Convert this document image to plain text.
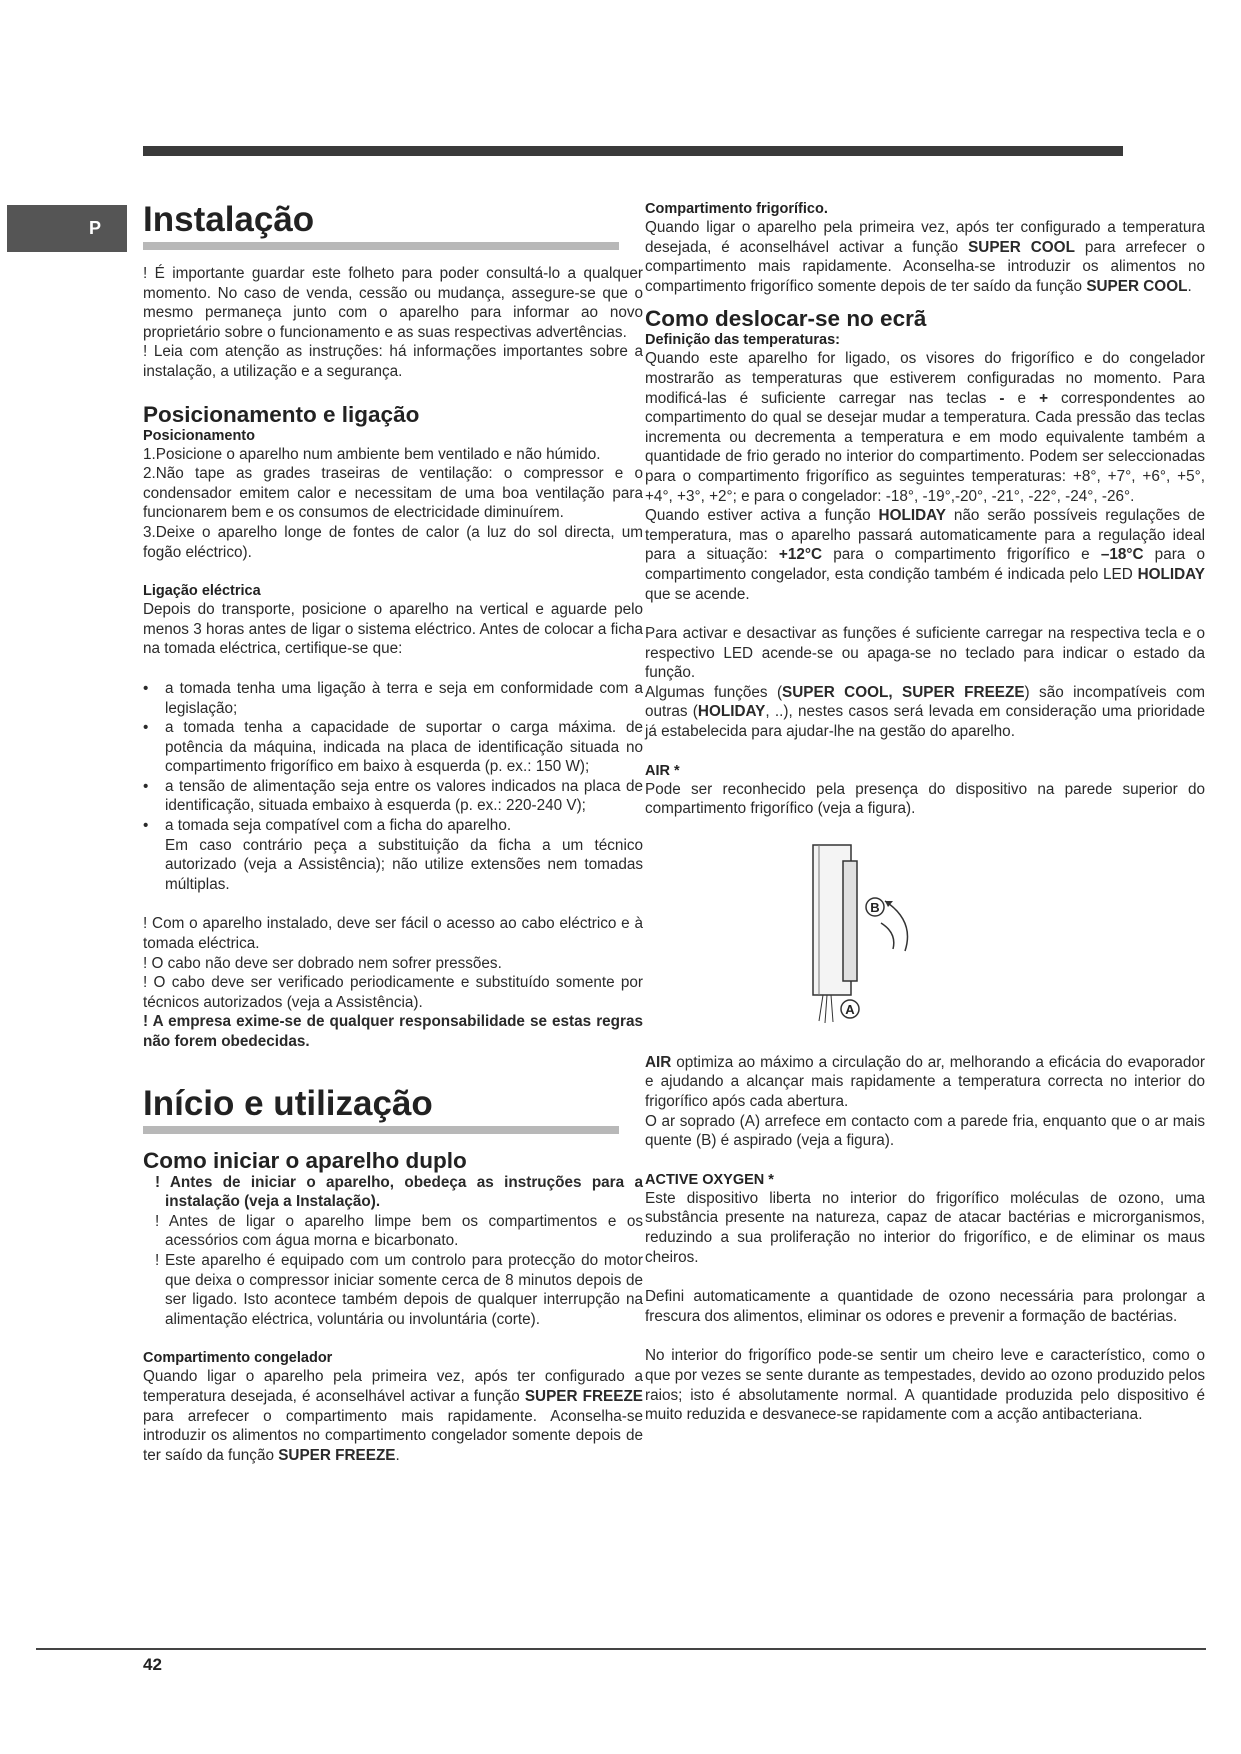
P Instalação

! É importante guardar este folheto para poder consultá-lo a qualquer momento. No caso de venda, cessão ou mudança, assegure-se que o mesmo permaneça junto com o aparelho para informar ao novo proprietário sobre o funcionamento e as suas respectivas advertências.

! Leia com atenção as instruções: há informações importantes sobre a instalação, a utilização e a segurança.

Posicionamento e ligação
Posicionamento

1.Posicione o aparelho num ambiente bem ventilado e não húmido.

2.Não tape as grades traseiras de ventilação: o compressor e o condensador emitem calor e necessitam de uma boa ventilação para funcionarem bem e os consumos de electricidade diminuírem.

3.Deixe o aparelho longe de fontes de calor (a luz do sol directa, um fogão eléctrico).

Ligação eléctrica

Depois do transporte, posicione o aparelho na vertical e aguarde pelo menos 3 horas antes de ligar o sistema eléctrico. Antes de colocar a ficha na tomada eléctrica, certifique-se que:

• a tomada tenha uma ligação à terra e seja em conformidade com a legislação;
• a tomada tenha a capacidade de suportar o carga máxima. de potência da máquina, indicada na placa de identificação situada no compartimento frigorífico em baixo à esquerda (p. ex.: 150 W);
• a tensão de alimentação seja entre os valores indicados na placa de identificação, situada embaixo à esquerda (p. ex.: 220-240 V);
• a tomada seja compatível com a ficha do aparelho.

Em caso contrário peça a substituição da ficha a um técnico autorizado (veja a Assistência); não utilize extensões nem tomadas múltiplas.

! Com o aparelho instalado, deve ser fácil o acesso ao cabo eléctrico e à tomada eléctrica.

! O cabo não deve ser dobrado nem sofrer pressões.

! O cabo deve ser verificado periodicamente e substituído somente por técnicos autorizados (veja a Assistência).

! A empresa exime-se de qualquer responsabilidade se estas regras não forem obedecidas.

Início e utilização
Como iniciar o aparelho duplo

! Antes de iniciar o aparelho, obedeça as instruções para a instalação (veja a Instalação).

! Antes de ligar o aparelho limpe bem os compartimentos e os acessórios com água morna e bicarbonato.

! Este aparelho é equipado com um controlo para protecção do motor que deixa o compressor iniciar somente cerca de 8 minutos depois de ser ligado. Isto acontece também depois de qualquer interrupção na alimentação eléctrica, voluntária ou involuntária (corte).

Compartimento congelador

Quando ligar o aparelho pela primeira vez, após ter configurado a temperatura desejada, é aconselhável activar a função SUPER FREEZE para arrefecer o compartimento mais rapidamente. Aconselha-se introduzir os alimentos no compartimento congelador somente depois de ter saído da função SUPER FREEZE.

Compartimento frigorífico.

Quando ligar o aparelho pela primeira vez, após ter configurado a temperatura desejada, é aconselhável activar a função SUPER COOL para arrefecer o compartimento mais rapidamente. Aconselha-se introduzir os alimentos no compartimento frigorífico somente depois de ter saído da função SUPER COOL.

Como deslocar-se no ecrã
Definição das temperaturas:

Quando este aparelho for ligado, os visores do frigorífico e do congelador mostrarão as temperaturas que estiverem configuradas no momento. Para modificá-las é suficiente carregar nas teclas - e + correspondentes ao compartimento do qual se desejar mudar a temperatura. Cada pressão das teclas incrementa ou decrementa a temperatura e em modo equivalente também a quantidade de frio gerado no interior do compartimento. Podem ser seleccionadas para o compartimento frigorífico as seguintes temperaturas: +8°, +7°, +6°, +5°, +4°, +3°, +2°; e para o congelador: -18°, -19°,-20°, -21°, -22°, -24°, -26°.

Quando estiver activa a função HOLIDAY não serão possíveis regulações de temperatura, mas o aparelho passará automaticamente para a regulação ideal para a situação: +12°C para o compartimento frigorífico e –18°C para o compartimento congelador, esta condição também é indicada pelo LED HOLIDAY que se acende.

Para activar e desactivar as funções é suficiente carregar na respectiva tecla e o respectivo LED acende-se ou apaga-se no teclado para indicar o estado da função.

Algumas funções (SUPER COOL, SUPER FREEZE) são incompatíveis com outras (HOLIDAY, ..), nestes casos será levada em consideração uma prioridade já estabelecida para ajudar-lhe na gestão do aparelho.

AIR *

Pode ser reconhecido pela presença do dispositivo na parede superior do compartimento frigorífico (veja a figura).

B
A

AIR optimiza ao máximo a circulação do ar, melhorando a eficácia do evaporador e ajudando a alcançar mais rapidamente a temperatura correcta no interior do frigorífico após cada abertura.

O ar soprado (A) arrefece em contacto com a parede fria, enquanto que o ar mais quente (B) é aspirado (veja a figura).

ACTIVE OXYGEN *

Este dispositivo liberta no interior do frigorífico moléculas de ozono, uma substância presente na natureza, capaz de atacar bactérias e microrganismos, reduzindo a sua proliferação no interior do frigorífico, e de eliminar os maus cheiros.

Defini automaticamente a quantidade de ozono necessária para prolongar a frescura dos alimentos, eliminar os odores e prevenir a formação de bactérias.

No interior do frigorífico pode-se sentir um cheiro leve e característico, como o que por vezes se sente durante as tempestades, devido ao ozono produzido pelos raios; isto é absolutamente normal. A quantidade produzida pelo dispositivo é muito reduzida e desvanece-se rapidamente com a acção antibacteriana.

42
